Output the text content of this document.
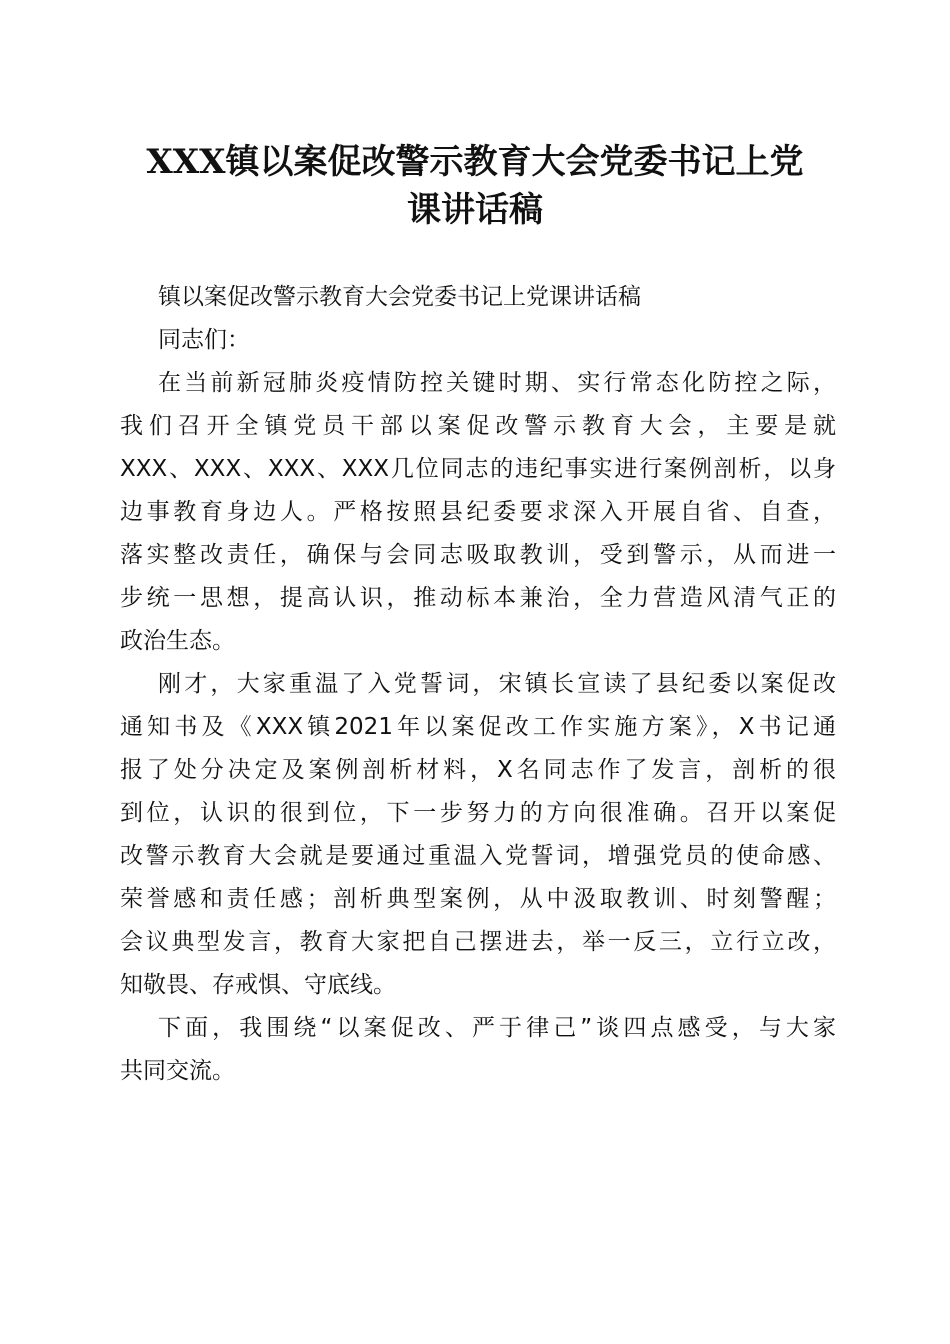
XXX镇以案促改警示教育大会党委书记上党
课讲话稿
镇以案促改警示教育大会党委书记上党课讲话稿
同志们：
在当前新冠肺炎疫情防控关键时期、实行常态化防控之际，
我们召开全镇党员干部以案促改警示教育大会，主要是就
XXX、XXX、XXX、XXX几位同志的违纪事实进行案例剖析，以身
边事教育身边人。严格按照县纪委要求深入开展自省、自查，
落实整改责任，确保与会同志吸取教训，受到警示，从而进一
步统一思想，提高认识，推动标本兼治，全力营造风清气正的
政治生态。
刚才，大家重温了入党誓词，宋镇长宣读了县纪委以案促改
通知书及《XXX镇2021年以案促改工作实施方案》，X书记通
报了处分决定及案例剖析材料，X名同志作了发言，剖析的很
到位，认识的很到位，下一步努力的方向很准确。召开以案促
改警示教育大会就是要通过重温入党誓词，增强党员的使命感、
荣誉感和责任感；剖析典型案例，从中汲取教训、时刻警醒；
会议典型发言，教育大家把自己摆进去，举一反三，立行立改，
知敬畏、存戒惧、守底线。
下面，我围绕“以案促改、严于律己”谈四点感受，与大家
共同交流。
